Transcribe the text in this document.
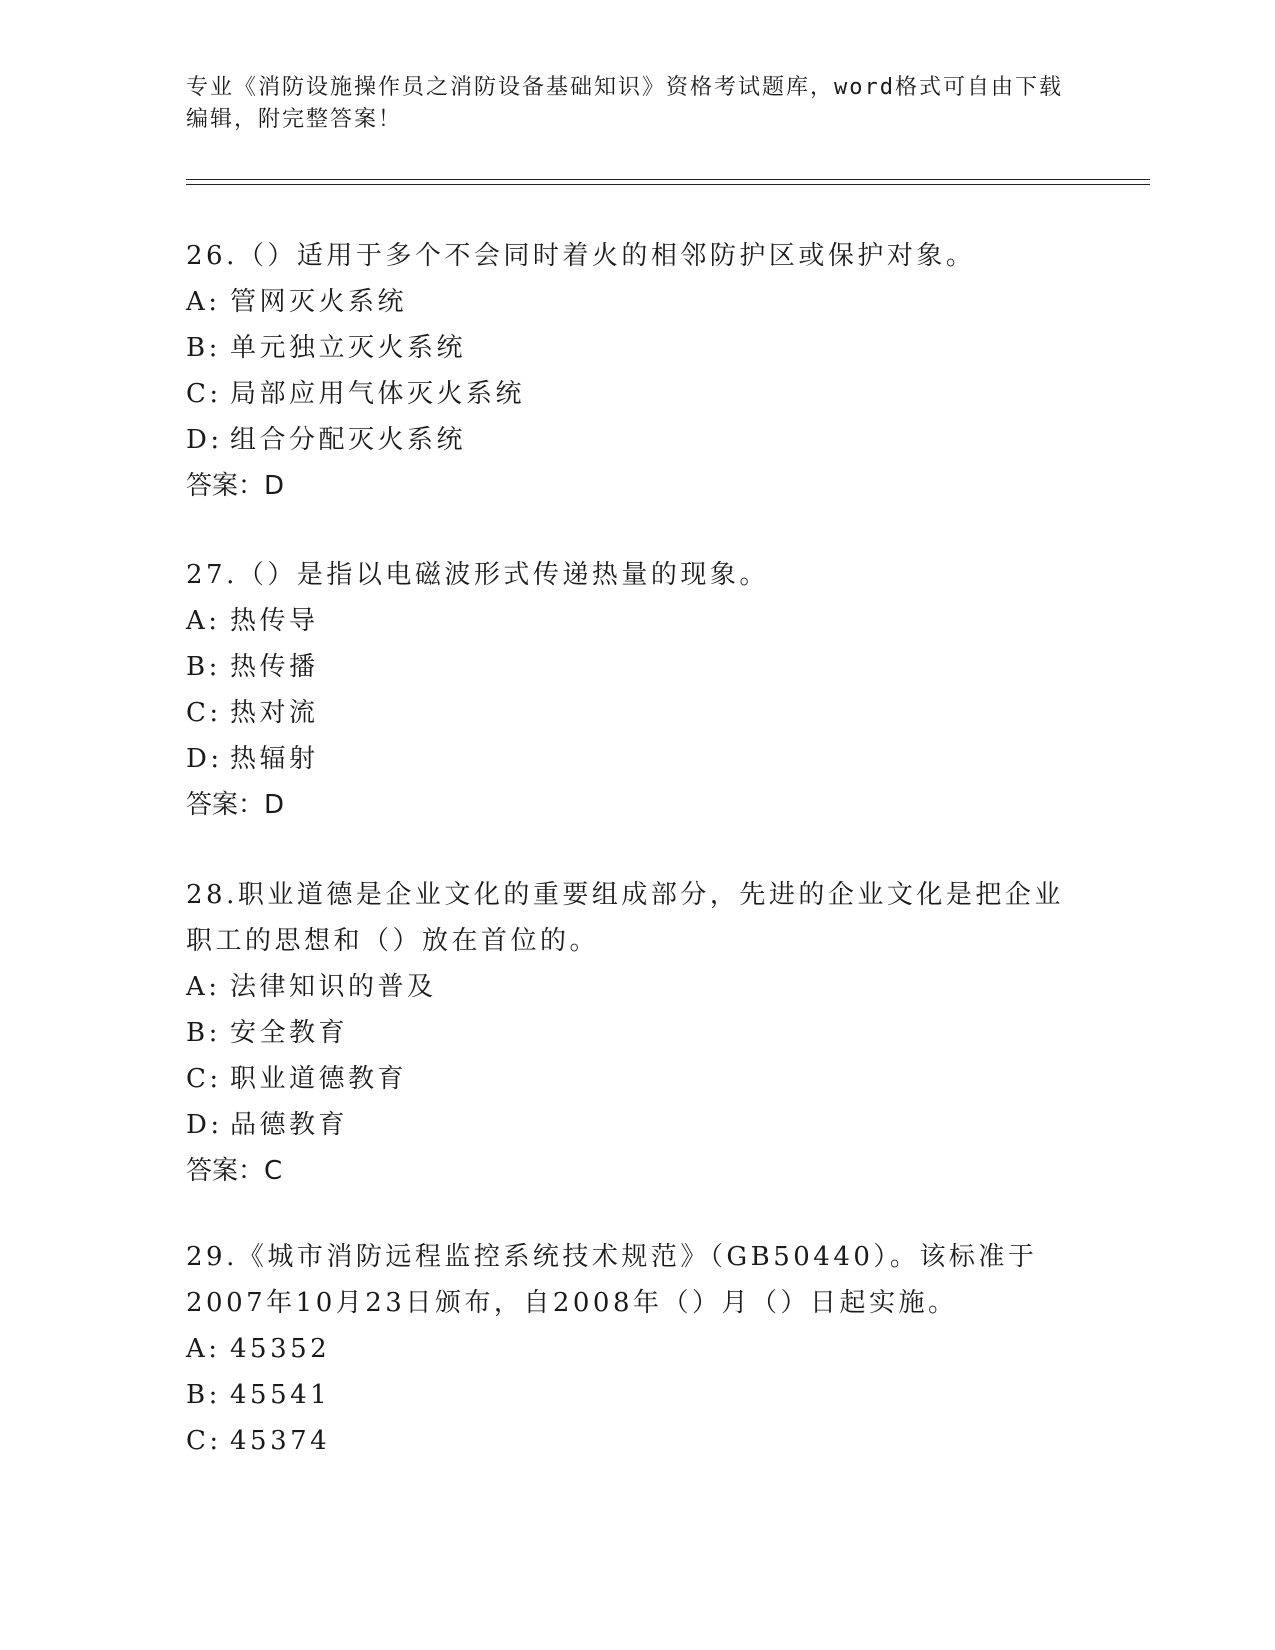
专业《消防设施操作员之消防设备基础知识》资格考试题库，word格式可自由下载编辑，附完整答案！

26.（）适用于多个不会同时着火的相邻防护区或保护对象。

A: 管网灭火系统

B: 单元独立灭火系统

C: 局部应用气体灭火系统

D: 组合分配灭火系统

答案：D

27.（）是指以电磁波形式传递热量的现象。

A: 热传导

B: 热传播

C: 热对流

D: 热辐射

答案：D

28.职业道德是企业文化的重要组成部分，先进的企业文化是把企业职工的思想和（）放在首位的。

A: 法律知识的普及

B: 安全教育

C: 职业道德教育

D: 品德教育

答案：C

29.《城市消防远程监控系统技术规范》（GB50440）。该标准于2007年10月23日颁布，自2008年（）月（）日起实施。

A: 45352

B: 45541

C: 45374
